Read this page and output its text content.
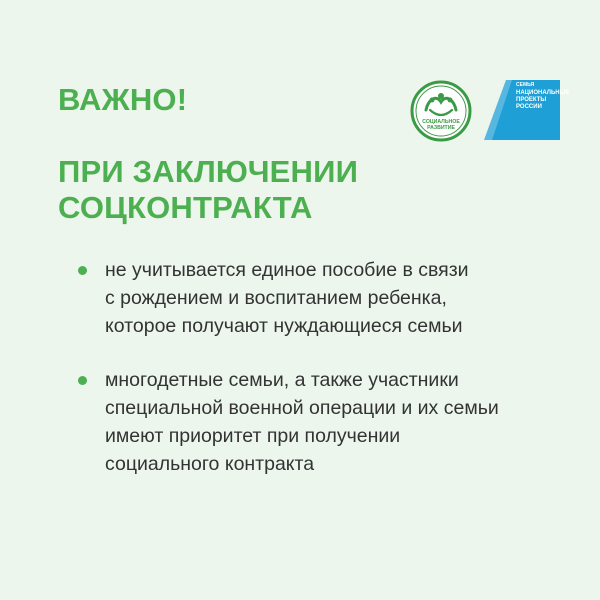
ВАЖНО!
ПРИ ЗАКЛЮЧЕНИИ
СОЦКОНТРАКТА
СОЦИАЛЬНОЕ
РАЗВИТИЕ
СЕМЬЯ
НАЦИОНАЛЬНЫЕ
ПРОЕКТЫ
РОССИИ
не учитывается единое пособие в связи
с рождением и воспитанием ребенка,
которое получают нуждающиеся семьи
многодетные семьи, а также участники
специальной военной операции и их семьи
имеют приоритет при получении
социального контракта
